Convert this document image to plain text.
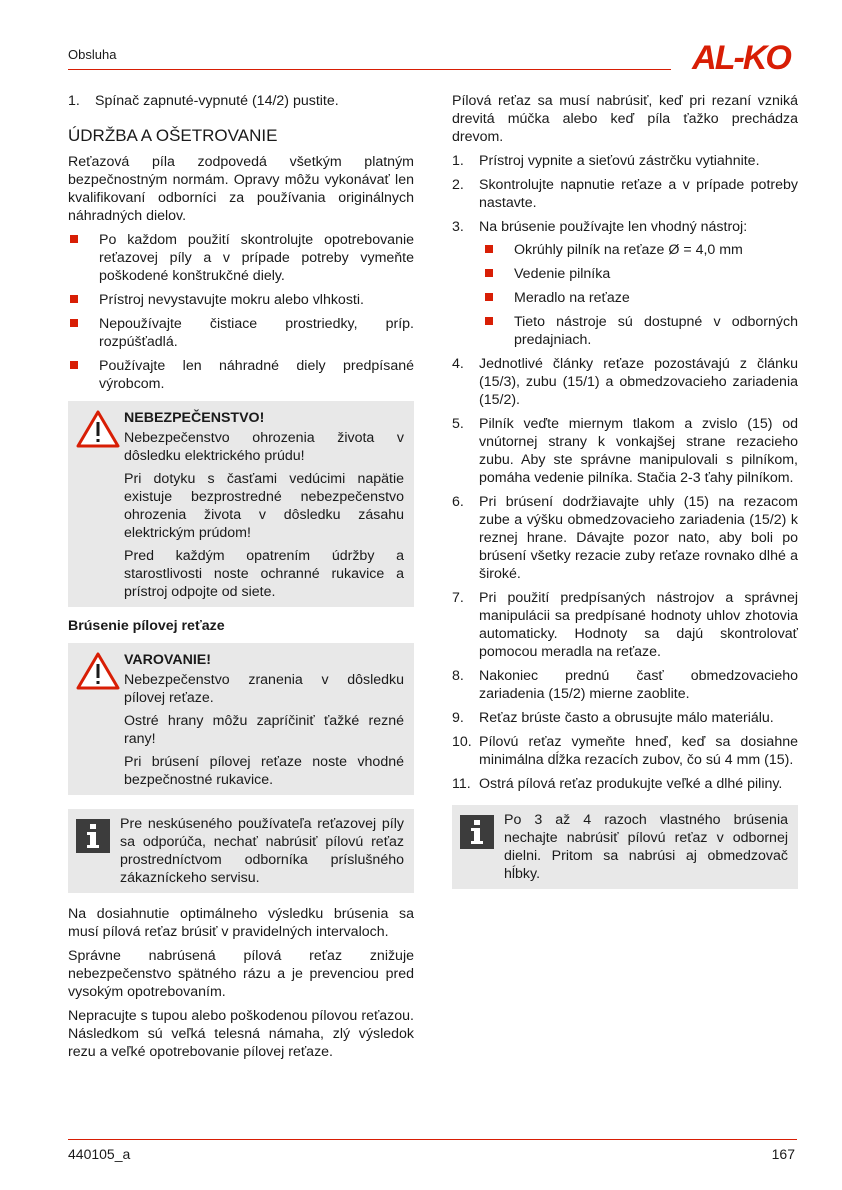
Obsluha	AL-KO
1. Spínač zapnuté-vypnuté (14/2) pustite.
ÚDRŽBA A OŠETROVANIE

Reťazová píla zodpovedá všetkým platným bezpečnostným normám. Opravy môžu vykonávať len kvalifikovaní odborníci za používania originálnych náhradných dielov.

Po každom použití skontrolujte opotrebovanie reťazovej píly a v prípade potreby vymeňte poškodené konštrukčné diely.
Prístroj nevystavujte mokru alebo vlhkosti.
Nepoužívajte čistiace prostriedky, príp. rozpúšťadlá.
Používajte len náhradné diely predpísané výrobcom.

NEBEZPEČENSTVO!

Nebezpečenstvo ohrozenia života v dôsledku elektrického prúdu!

Pri dotyku s časťami vedúcimi napätie existuje bezprostredné nebezpečenstvo ohrozenia života v dôsledku zásahu elektrickým prúdom!

Pred každým opatrením údržby a starostlivosti noste ochranné rukavice a prístroj odpojte od siete.

Brúsenie pílovej reťaze

VAROVANIE!

Nebezpečenstvo zranenia v dôsledku pílovej reťaze.

Ostré hrany môžu zapríčiniť ťažké rezné rany!

Pri brúsení pílovej reťaze noste vhodné bezpečnostné rukavice.

Pre neskúseného používateľa reťazovej píly sa odporúča, nechať nabrúsiť pílovú reťaz prostredníctvom odborníka príslušného zákazníckeho servisu.

Na dosiahnutie optimálneho výsledku brúsenia sa musí pílová reťaz brúsiť v pravidelných intervaloch.

Správne nabrúsená pílová reťaz znižuje nebezpečenstvo spätného rázu a je prevenciou pred vysokým opotrebovaním.

Nepracujte s tupou alebo poškodenou pílovou reťazou. Následkom sú veľká telesná námaha, zlý výsledok rezu a veľké opotrebovanie pílovej reťaze.

Pílová reťaz sa musí nabrúsiť, keď pri rezaní vzniká drevitá múčka alebo keď píla ťažko prechádza drevom.

1. Prístroj vypnite a sieťovú zástrčku vytiahnite.
2. Skontrolujte napnutie reťaze a v prípade potreby nastavte.
3. Na brúsenie používajte len vhodný nástroj:
Okrúhly pilník na reťaze Ø = 4,0 mm
Vedenie pilníka
Meradlo na reťaze
Tieto nástroje sú dostupné v odborných predajniach.
4. Jednotlivé články reťaze pozostávajú z článku (15/3), zubu (15/1) a obmedzovacieho zariadenia (15/2).
5. Pilník veďte miernym tlakom a zvislo (15) od vnútornej strany k vonkajšej strane rezacieho zubu. Aby ste správne manipulovali s pilníkom, pomáha vedenie pilníka. Stačia 2-3 ťahy pilníkom.
6. Pri brúsení dodržiavajte uhly (15) na rezacom zube a výšku obmedzovacieho zariadenia (15/2) k reznej hrane. Dávajte pozor nato, aby boli po brúsení všetky rezacie zuby reťaze rovnako dlhé a široké.
7. Pri použití predpísaných nástrojov a správnej manipulácii sa predpísané hodnoty uhlov zhotovia automaticky. Hodnoty sa dajú skontrolovať pomocou meradla na reťaze.
8. Nakoniec prednú časť obmedzovacieho zariadenia (15/2) mierne zaoblite.
9. Reťaz brúste často a obrusujte málo materiálu.
10. Pílovú reťaz vymeňte hneď, keď sa dosiahne minimálna dĺžka rezacích zubov, čo sú 4 mm (15).
11. Ostrá pílová reťaz produkujte veľké a dlhé piliny.

Po 3 až 4 razoch vlastného brúsenia nechajte nabrúsiť pílovú reťaz v odbornej dielni. Pritom sa nabrúsi aj obmedzovač hĺbky.

440105_a	167
